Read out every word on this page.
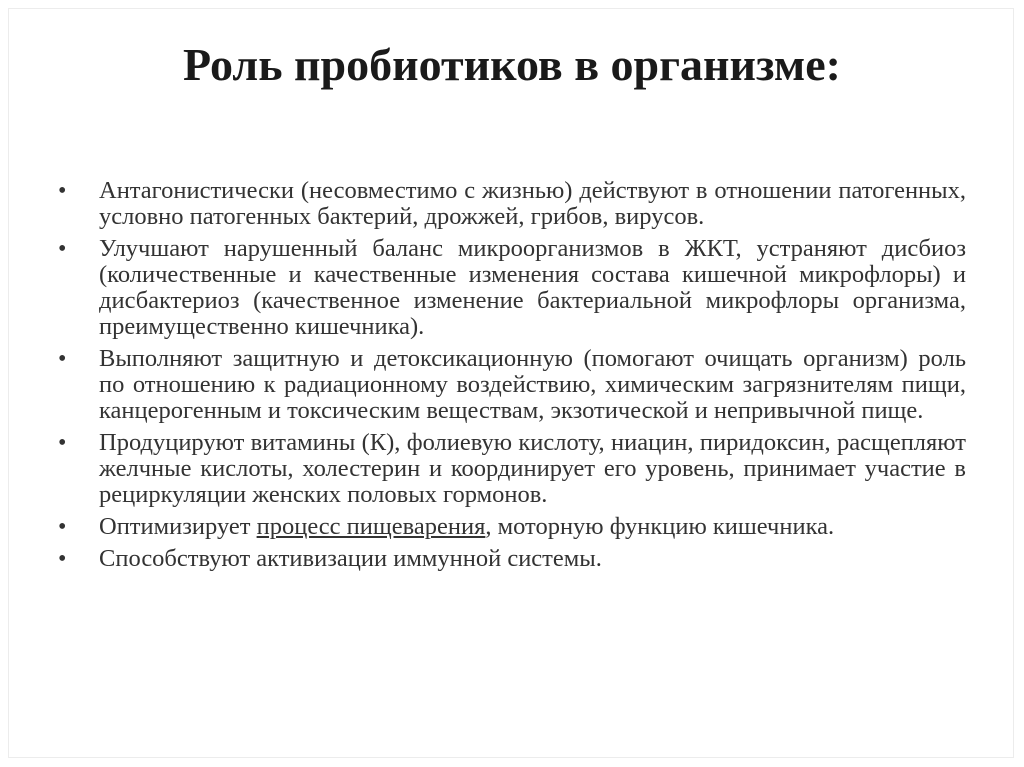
Роль пробиотиков в организме:
• Антагонистически (несовместимо с жизнью) действуют в отношении патогенных, условно патогенных бактерий, дрожжей, грибов, вирусов.
• Улучшают нарушенный баланс микроорганизмов в ЖКТ, устраняют дисбиоз (количественные и качественные изменения состава кишечной микрофлоры) и дисбактериоз (качественное изменение бактериальной микрофлоры организма, преимущественно кишечника).
• Выполняют защитную и детоксикационную (помогают очищать организм) роль по отношению к радиационному воздействию, химическим загрязнителям пищи, канцерогенным и токсическим веществам, экзотической и непривычной пище.
• Продуцируют витамины (К), фолиевую кислоту, ниацин, пиридоксин, расщепляют желчные кислоты, холестерин и координирует его уровень, принимает участие в рециркуляции женских половых гормонов.
• Оптимизирует процесс пищеварения, моторную функцию кишечника.
• Способствуют активизации иммунной системы.
